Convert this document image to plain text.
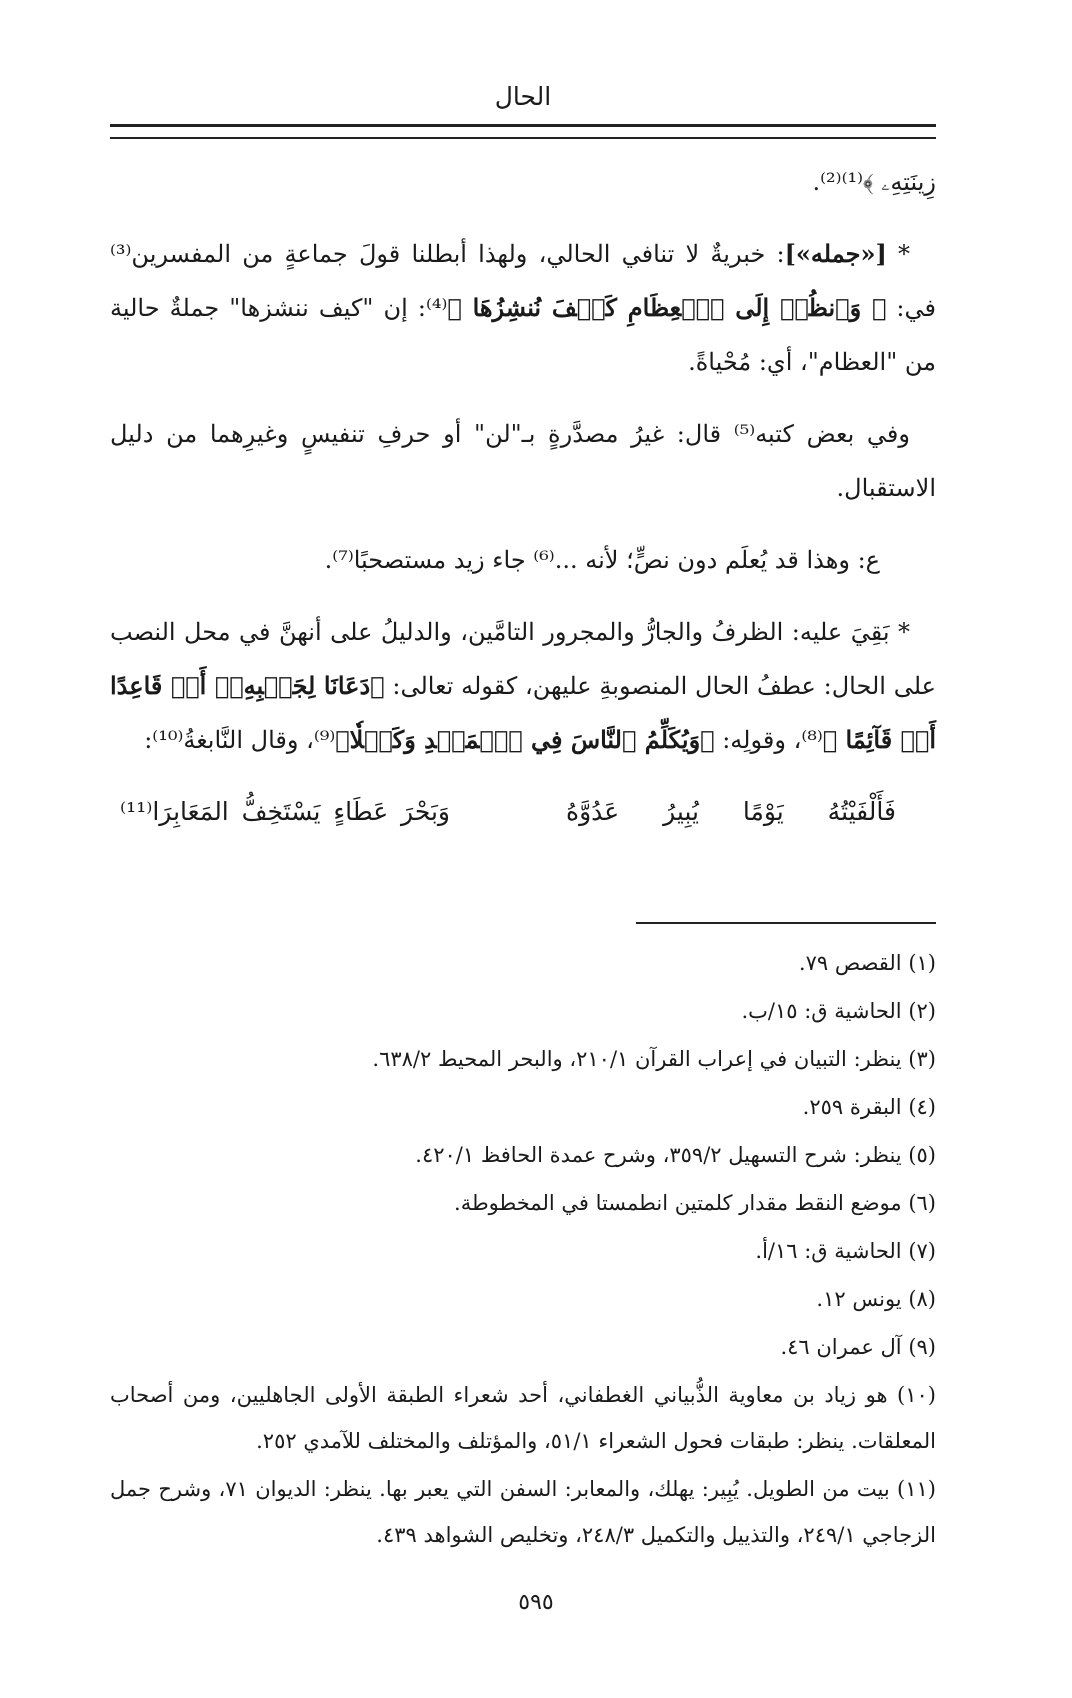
الحال

زِينَتِهِۦ ﴾⁽¹⁾⁽²⁾.

* [«جمله»]: خبريةٌ لا تنافي الحالي، ولهذا أبطلنا قولَ جماعةٍ من المفسرين⁽³⁾ في: ﴿ وَٱنظُرۡ إِلَى ٱلۡعِظَامِ كَيۡفَ نُنشِزُهَا ﴾⁽⁴⁾: إن "كيف ننشزها" جملةٌ حالية من "العظام"، أي: مُحْياةً.

وفي بعض كتبه⁽⁵⁾ قال: غيرُ مصدَّرةٍ بـ"لن" أو حرفِ تنفيسٍ وغيرِهما من دليل الاستقبال.

ع: وهذا قد يُعلَم دون نصٍّ؛ لأنه ...⁽⁶⁾ جاء زيد مستصحبًا⁽⁷⁾.

* بَقِيَ عليه: الظرفُ والجارُّ والمجرور التامَّين، والدليلُ على أنهنَّ في محل النصب على الحال: عطفُ الحال المنصوبةِ عليهن، كقوله تعالى: ﴿دَعَانَا لِجَنۢبِهِۦٓ أَوۡ قَاعِدًا أَوۡ قَآئِمًا ﴾⁽⁸⁾، وقولِه: ﴿وَيُكَلِّمُ ٱلنَّاسَ فِي ٱلۡمَهۡدِ وَكَهۡلٗا﴾⁽⁹⁾، وقال النَّابغةُ⁽¹⁰⁾:

فَأَلْفَيْتُهُ
يَوْمًا
يُبِيرُ
عَدُوَّهُ
وَبَحْرَ
عَطَاءٍ
يَسْتَخِفُّ
المَعَابِرَا⁽¹¹⁾

(١) القصص ٧٩.

(٢) الحاشية ق: ١٥/ب.

(٣) ينظر: التبيان في إعراب القرآن ٢١٠/١، والبحر المحيط ٦٣٨/٢.

(٤) البقرة ٢٥٩.

(٥) ينظر: شرح التسهيل ٣٥٩/٢، وشرح عمدة الحافظ ٤٢٠/١.

(٦) موضع النقط مقدار كلمتين انطمستا في المخطوطة.

(٧) الحاشية ق: ١٦/أ.

(٨) يونس ١٢.

(٩) آل عمران ٤٦.

(١٠) هو زياد بن معاوية الذُّبياني الغطفاني، أحد شعراء الطبقة الأولى الجاهليين، ومن أصحاب المعلقات. ينظر: طبقات فحول الشعراء ٥١/١، والمؤتلف والمختلف للآمدي ٢٥٢.

(١١) بيت من الطويل. يُبِير: يهلك، والمعابر: السفن التي يعبر بها. ينظر: الديوان ٧١، وشرح جمل الزجاجي ٢٤٩/١، والتذييل والتكميل ٢٤٨/٣، وتخليص الشواهد ٤٣٩.

٥٩٥
